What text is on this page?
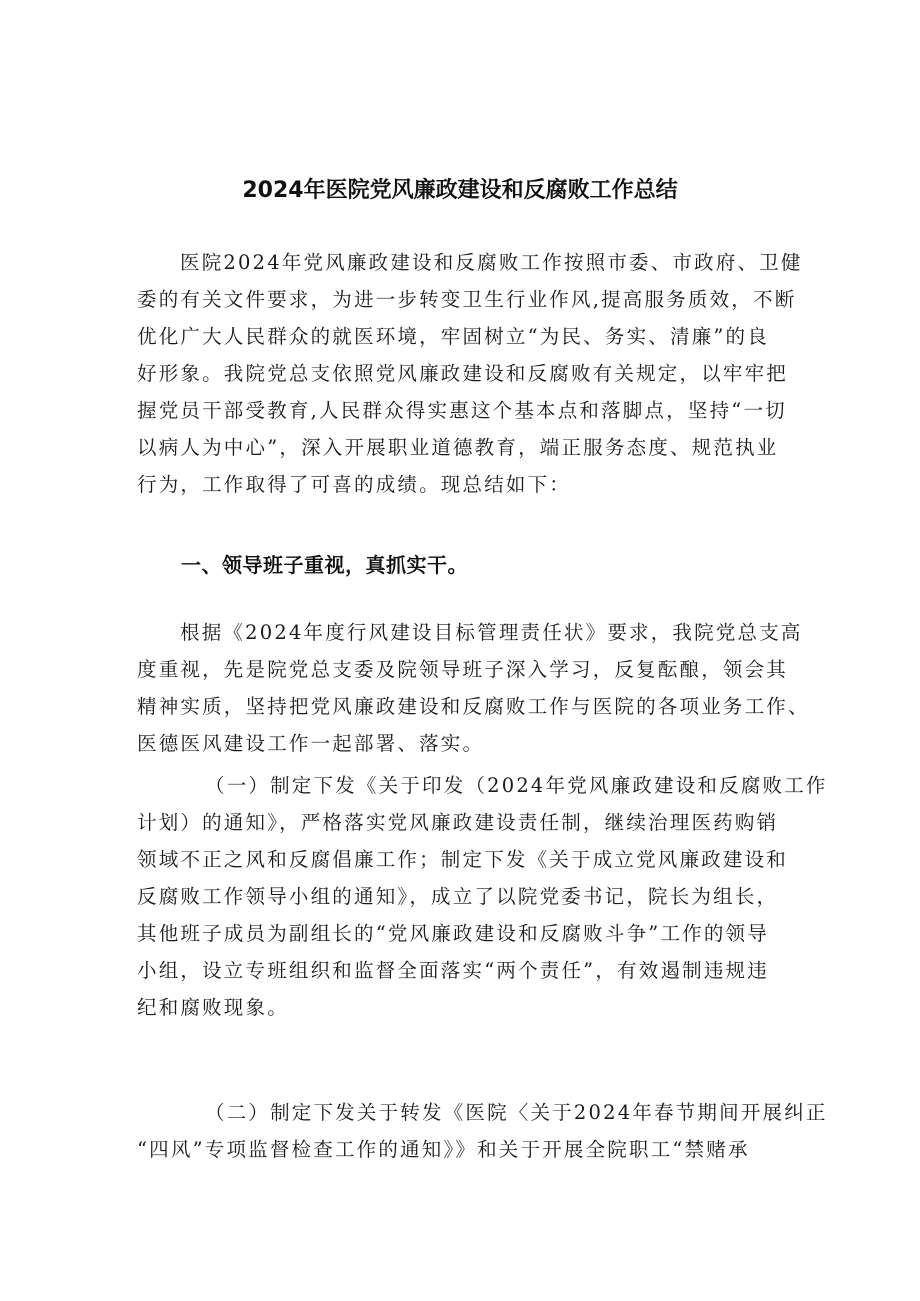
2024年医院党风廉政建设和反腐败工作总结
医院2024年党风廉政建设和反腐败工作按照市委、市政府、卫健
委的有关文件要求，为进一步转变卫生行业作风,提高服务质效，不断
优化广大人民群众的就医环境，牢固树立“为民、务实、清廉”的良
好形象。我院党总支依照党风廉政建设和反腐败有关规定，以牢牢把
握党员干部受教育,人民群众得实惠这个基本点和落脚点，坚持“一切
以病人为中心”，深入开展职业道德教育，端正服务态度、规范执业
行为，工作取得了可喜的成绩。现总结如下：
一、领导班子重视，真抓实干。
根据《2024年度行风建设目标管理责任状》要求，我院党总支高
度重视，先是院党总支委及院领导班子深入学习，反复酝酿，领会其
精神实质，坚持把党风廉政建设和反腐败工作与医院的各项业务工作、
医德医风建设工作一起部署、落实。
（一）制定下发《关于印发（2024年党风廉政建设和反腐败工作
计划）的通知》，严格落实党风廉政建设责任制，继续治理医药购销
领域不正之风和反腐倡廉工作；制定下发《关于成立党风廉政建设和
反腐败工作领导小组的通知》，成立了以院党委书记，院长为组长，
其他班子成员为副组长的“党风廉政建设和反腐败斗争”工作的领导
小组，设立专班组织和监督全面落实“两个责任”，有效遏制违规违
纪和腐败现象。
（二）制定下发关于转发《医院〈关于2024年春节期间开展纠正
“四风”专项监督检查工作的通知》》和关于开展全院职工“禁赌承
